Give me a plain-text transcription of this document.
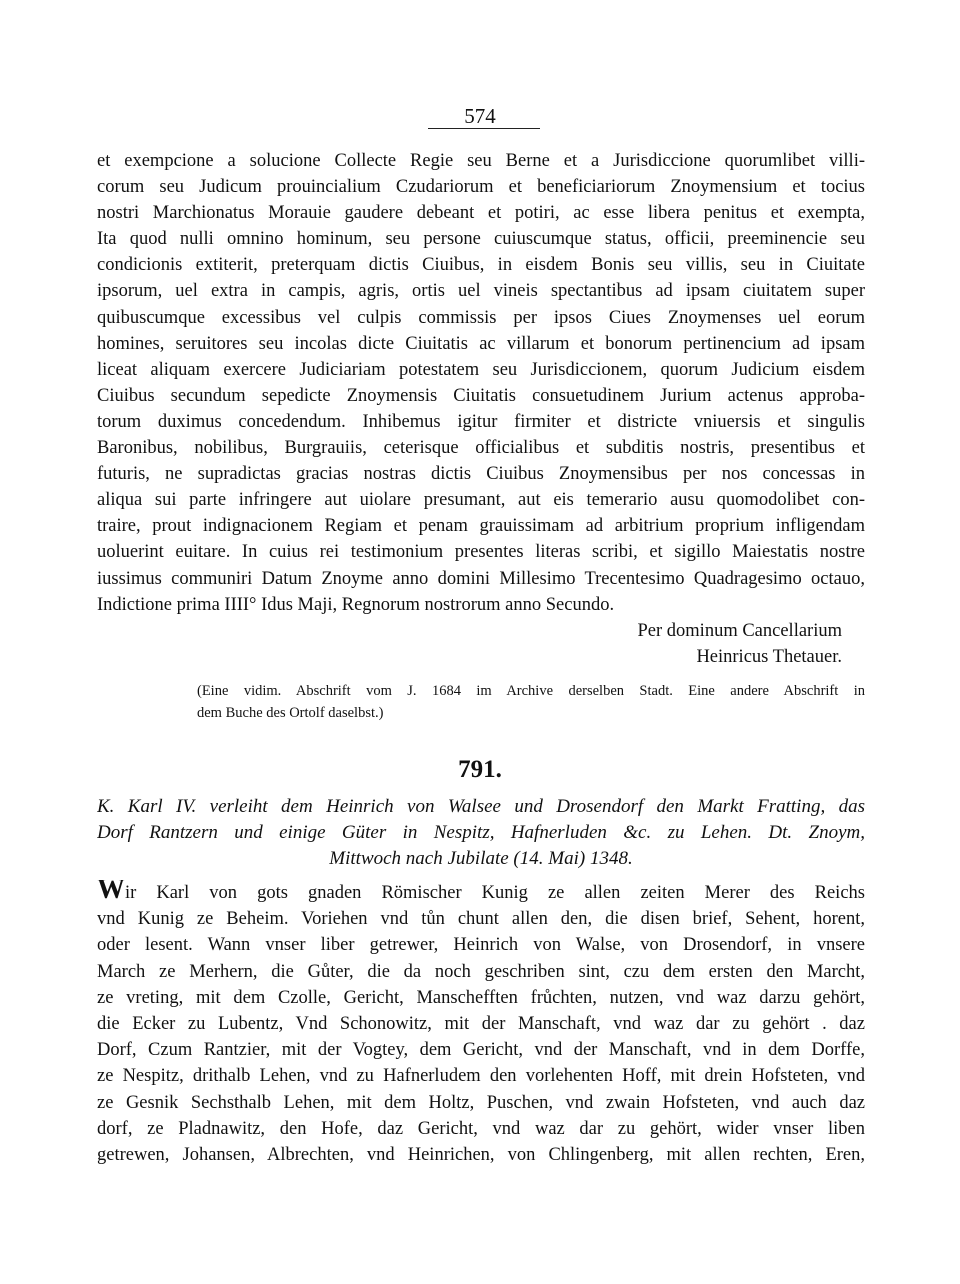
574
et exempcione a solucione Collecte Regie seu Berne et a Jurisdiccione quorumlibet villi-
corum seu Judicum prouincialium Czudariorum et beneficiariorum Znoymensium et tocius
nostri Marchionatus Morauie gaudere debeant et potiri, ac esse libera penitus et exempta,
Ita quod nulli omnino hominum, seu persone cuiuscumque status, officii, preeminencie seu
condicionis extiterit, preterquam dictis Ciuibus, in eisdem Bonis seu villis, seu in Ciuitate
ipsorum, uel extra in campis, agris, ortis uel vineis spectantibus ad ipsam ciuitatem super
quibuscumque excessibus vel culpis commissis per ipsos Ciues Znoymenses uel eorum
homines, seruitores seu incolas dicte Ciuitatis ac villarum et bonorum pertinencium ad ipsam
liceat aliquam exercere Judiciariam potestatem seu Jurisdiccionem, quorum Judicium eisdem
Ciuibus secundum sepedicte Znoymensis Ciuitatis consuetudinem Jurium actenus approba-
torum duximus concedendum. Inhibemus igitur firmiter et districte vniuersis et singulis
Baronibus, nobilibus, Burgrauiis, ceterisque officialibus et subditis nostris, presentibus et
futuris, ne supradictas gracias nostras dictis Ciuibus Znoymensibus per nos concessas in
aliqua sui parte infringere aut uiolare presumant, aut eis temerario ausu quomodolibet con-
traire, prout indignacionem Regiam et penam grauissimam ad arbitrium proprium infligendam
uoluerint euitare. In cuius rei testimonium presentes literas scribi, et sigillo Maiestatis nostre
iussimus communiri Datum Znoyme anno domini Millesimo Trecentesimo Quadragesimo octauo,
Indictione prima IIII° Idus Maji, Regnorum nostrorum anno Secundo.
Per dominum Cancellarium
Heinricus Thetauer.
(Eine vidim. Abschrift vom J. 1684 im Archive derselben Stadt. Eine andere Abschrift in
dem Buche des Ortolf daselbst.)
791.
K. Karl IV. verleiht dem Heinrich von Walsee und Drosendorf den Markt Fratting, das
Dorf Rantzern und einige Güter in Nespitz, Hafnerluden &c. zu Lehen. Dt. Znoym,
Mittwoch nach Jubilate (14. Mai) 1348.
Wir Karl von gots gnaden Römischer Kunig ze allen zeiten Merer des Reichs
vnd Kunig ze Beheim. Voriehen vnd tůn chunt allen den, die disen brief, Sehent, horent,
oder lesent. Wann vnser liber getrewer, Heinrich von Walse, von Drosendorf, in vnsere
March ze Merhern, die Gůter, die da noch geschriben sint, czu dem ersten den Marcht,
ze vreting, mit dem Czolle, Gericht, Manschefften frůchten, nutzen, vnd waz darzu gehört,
die Ecker zu Lubentz, Vnd Schonowitz, mit der Manschaft, vnd waz dar zu gehört . daz
Dorf, Czum Rantzier, mit der Vogtey, dem Gericht, vnd der Manschaft, vnd in dem Dorffe,
ze Nespitz, drithalb Lehen, vnd zu Hafnerludem den vorlehenten Hoff, mit drein Hofsteten, vnd
ze Gesnik Sechsthalb Lehen, mit dem Holtz, Puschen, vnd zwain Hofsteten, vnd auch daz
dorf, ze Pladnawitz, den Hofe, daz Gericht, vnd waz dar zu gehört, wider vnser liben
getrewen, Johansen, Albrechten, vnd Heinrichen, von Chlingenberg, mit allen rechten, Eren,
